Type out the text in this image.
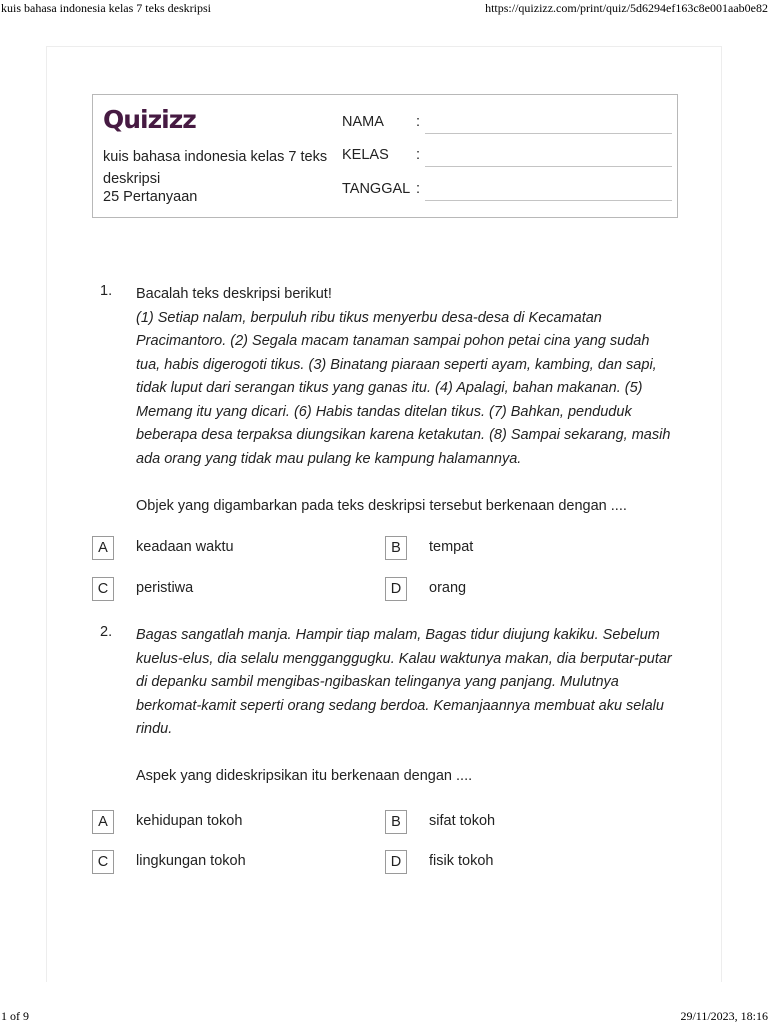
kuis bahasa indonesia kelas 7 teks deskripsi	https://quizizz.com/print/quiz/5d6294ef163c8e001aab0e82
Quizizz
kuis bahasa indonesia kelas 7 teks deskripsi
25 Pertanyaan
NAMA :
KELAS :
TANGGAL :
1. Bacalah teks deskripsi berikut!

(1) Setiap nalam, berpuluh ribu tikus menyerbu desa-desa di Kecamatan Pracimantoro. (2) Segala macam tanaman sampai pohon petai cina yang sudah tua, habis digerogoti tikus. (3) Binatang piaraan seperti ayam, kambing, dan sapi, tidak luput dari serangan tikus yang ganas itu. (4) Apalagi, bahan makanan. (5) Memang itu yang dicari. (6) Habis tandas ditelan tikus. (7) Bahkan, penduduk beberapa desa terpaksa diungsikan karena ketakutan. (8) Sampai sekarang, masih ada orang yang tidak mau pulang ke kampung halamannya.

Objek yang digambarkan pada teks deskripsi tersebut berkenaan dengan ....

A	keadaan waktu	B	tempat
C	peristiwa	D	orang
2. Bagas sangatlah manja. Hampir tiap malam, Bagas tidur diujung kakiku. Sebelum kuelus-elus, dia selalu mengganggugku. Kalau waktunya makan, dia berputar-putar di depanku sambil mengibas-ngibaskan telinganya yang panjang. Mulutnya berkomat-kamit seperti orang sedang berdoa. Kemanjaannya membuat aku selalu rindu.

Aspek yang dideskripsikan itu berkenaan dengan ....

A	kehidupan tokoh	B	sifat tokoh
C	lingkungan tokoh	D	fisik tokoh
1 of 9	29/11/2023, 18:16
